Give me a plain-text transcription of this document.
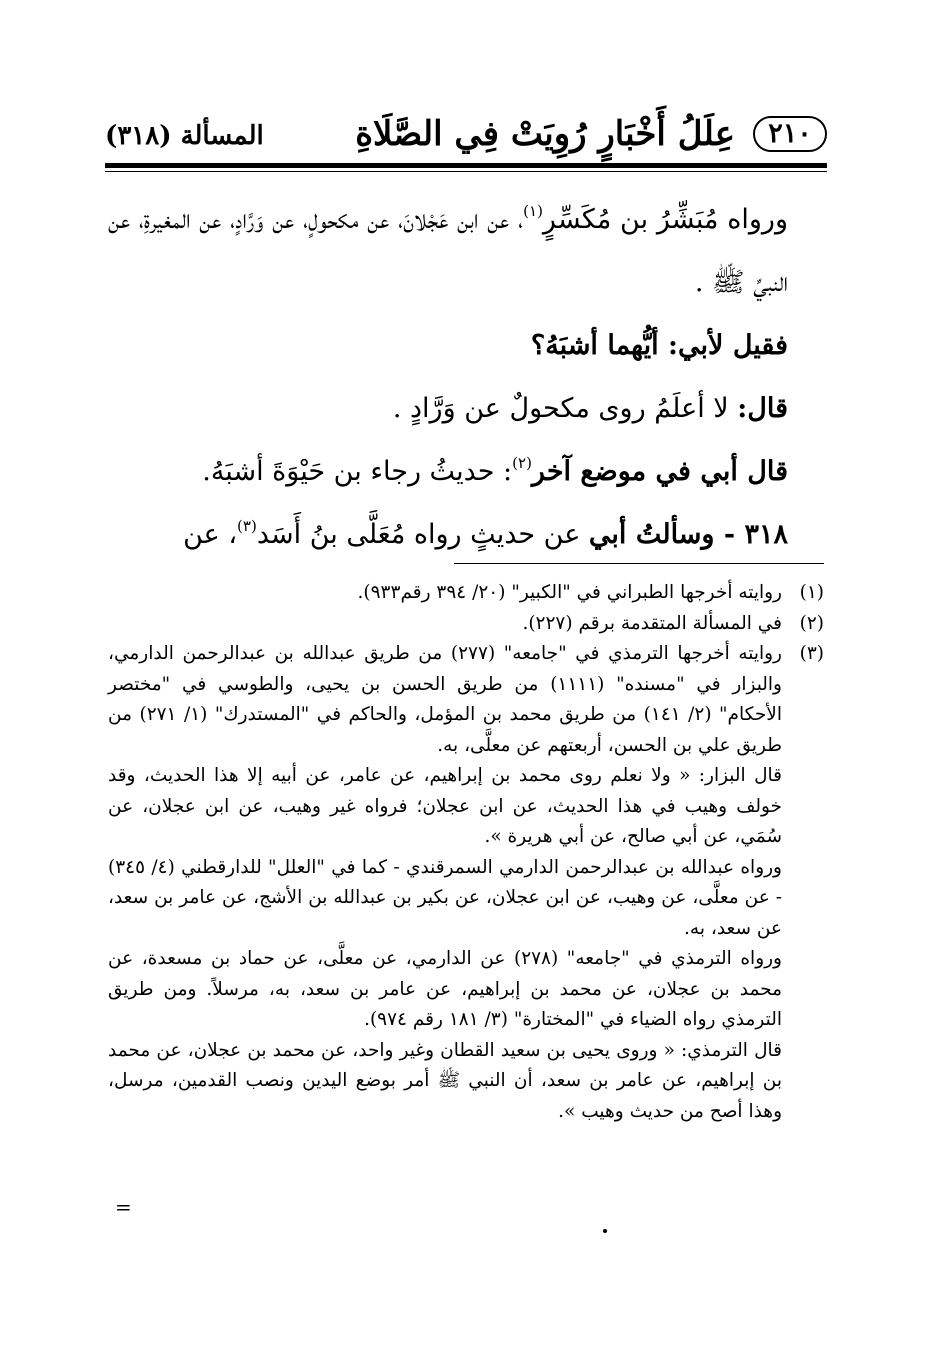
٢١٠
عِلَلُ أَخْبَارٍ رُوِيَتْ فِي الصَّلَاةِ
المسألة (٣١٨)

ورواه مُبَشِّرُ بن مُكَسِّرٍ$^{(١)}$، عن ابن عَجْلانَ، عن مكحولٍ، عن وَرَّادٍ، عن المغيرةِ، عن النبيِّ ﷺ .

فقيل لأبي: أيُّهما أشبَهُ؟

قال: لا أعلَمُ روى مكحولٌ عن وَرَّادٍ .

قال أبي في موضع آخر$^{(٢)}$: حديثُ رجاء بن حَيْوَةَ أشبَهُ.

٣١٨ - وسألتُ أبي عن حديثٍ رواه مُعَلَّى بنُ أَسَد$^{(٣)}$، عن

(١)
روايته أخرجها الطبراني في "الكبير" (٢٠/ ٣٩٤ رقم٩٣٣).
(٢)
في المسألة المتقدمة برقم (٢٢٧).
(٣)
روايته أخرجها الترمذي في "جامعه" (٢٧٧) من طريق عبدالله بن عبدالرحمن الدارمي، والبزار في "مسنده" (١١١١) من طريق الحسن بن يحيى، والطوسي في "مختصر الأحكام" (٢/ ١٤١) من طريق محمد بن المؤمل، والحاكم في "المستدرك" (١/ ٢٧١) من طريق علي بن الحسن، أربعتهم عن معلَّى، به.
قال البزار: « ولا نعلم روى محمد بن إبراهيم، عن عامر، عن أبيه إلا هذا الحديث، وقد خولف وهيب في هذا الحديث، عن ابن عجلان؛ فرواه غير وهيب، عن ابن عجلان، عن سُمَي، عن أبي صالح، عن أبي هريرة ».
ورواه عبدالله بن عبدالرحمن الدارمي السمرقندي - كما في "العلل" للدارقطني (٤/ ٣٤٥) - عن معلَّى، عن وهيب، عن ابن عجلان، عن بكير بن عبدالله بن الأشج، عن عامر بن سعد، عن سعد، به.
ورواه الترمذي في "جامعه" (٢٧٨) عن الدارمي، عن معلَّى، عن حماد بن مسعدة، عن محمد بن عجلان، عن محمد بن إبراهيم، عن عامر بن سعد، به، مرسلاً. ومن طريق الترمذي رواه الضياء في "المختارة" (٣/ ١٨١ رقم ٩٧٤).
قال الترمذي: « وروى يحيى بن سعيد القطان وغير واحد، عن محمد بن عجلان، عن محمد بن إبراهيم، عن عامر بن سعد، أن النبي ﷺ أمر بوضع اليدين ونصب القدمين، مرسل، وهذا أصح من حديث وهيب ».
=
